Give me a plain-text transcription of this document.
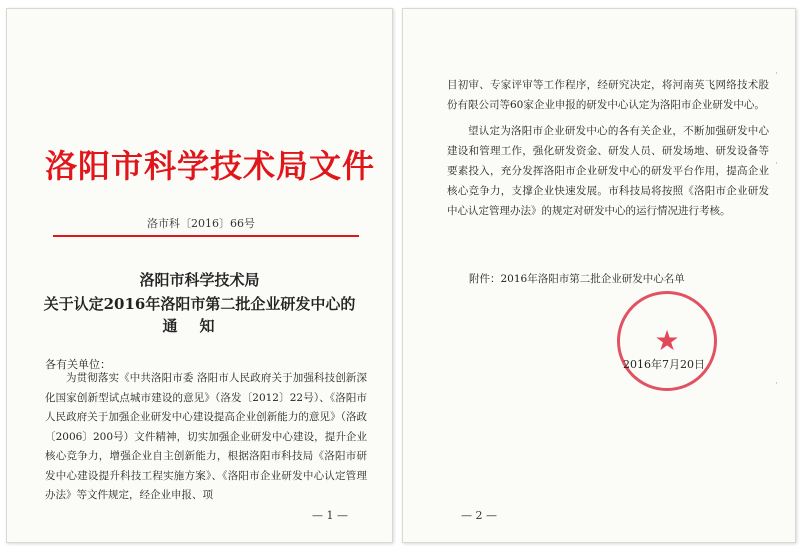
洛阳市科学技术局文件
洛市科〔2016〕66号
洛阳市科学技术局
关于认定2016年洛阳市第二批企业研发中心的
通知
各有关单位：
为贯彻落实《中共洛阳市委 洛阳市人民政府关于加强科技创新深化国家创新型试点城市建设的意见》（洛发〔2012〕22号）、《洛阳市人民政府关于加强企业研发中心建设提高企业创新能力的意见》（洛政〔2006〕200号）文件精神，切实加强企业研发中心建设，提升企业核心竞争力，增强企业自主创新能力，根据洛阳市科技局《洛阳市研发中心建设提升科技工程实施方案》、《洛阳市企业研发中心认定管理办法》等文件规定，经企业申报、项
— 1 —
目初审、专家评审等工作程序，经研究决定，将河南英飞网络技术股份有限公司等60家企业申报的研发中心认定为洛阳市企业研发中心。
望认定为洛阳市企业研发中心的各有关企业，不断加强研发中心建设和管理工作，强化研发资金、研发人员、研发场地、研发设备等要素投入，充分发挥洛阳市企业研发中心的研发平台作用，提高企业核心竞争力，支撑企业快速发展。市科技局将按照《洛阳市企业研发中心认定管理办法》的规定对研发中心的运行情况进行考核。
附件：2016年洛阳市第二批企业研发中心名单
★
2016年7月20日
— 2 —
·
·
·
